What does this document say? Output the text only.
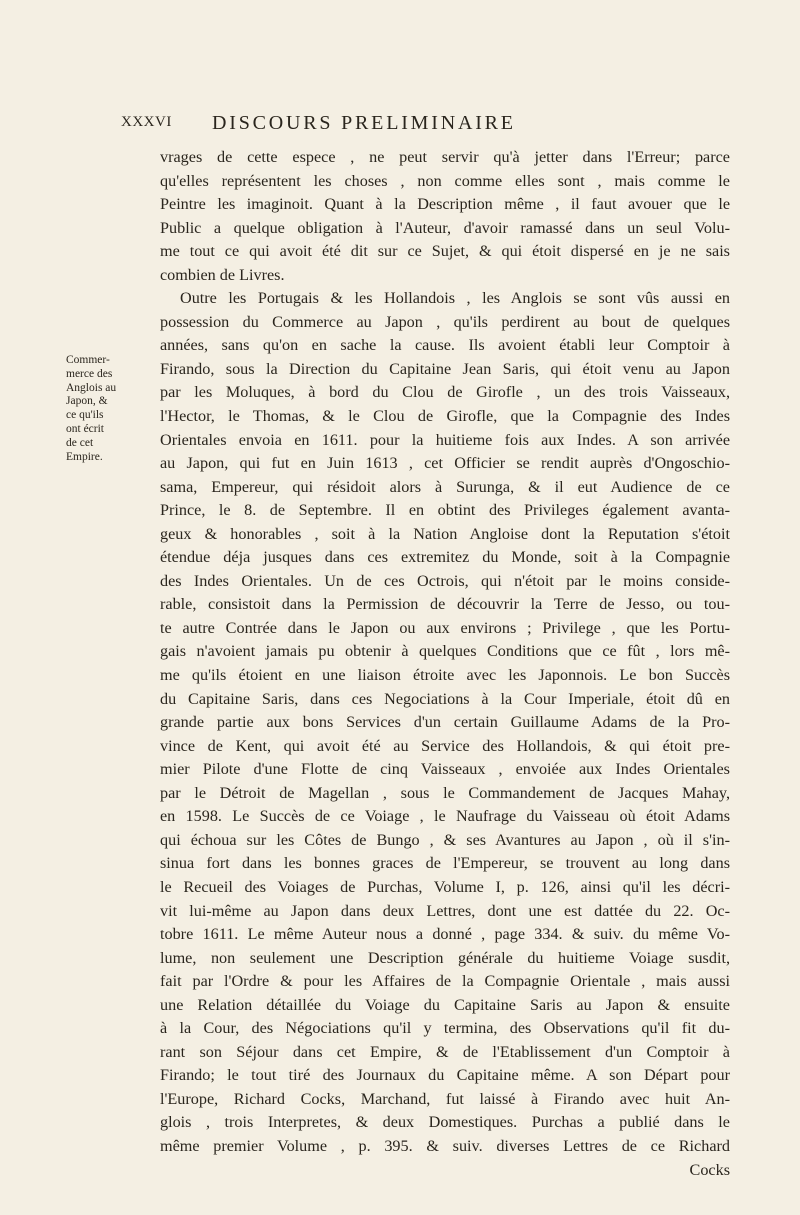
XXXVI DISCOURS PRELIMINAIRE
Commer-
merce des
Anglois au
Japon, &
ce qu'ils
ont écrit
de cet
Empire.
vrages de cette espece , ne peut servir qu'à jetter dans l'Erreur; parce
qu'elles représentent les choses , non comme elles sont , mais comme le
Peintre les imaginoit. Quant à la Description même , il faut avouer que le
Public a quelque obligation à l'Auteur, d'avoir ramassé dans un seul Volu-
me tout ce qui avoit été dit sur ce Sujet, & qui étoit dispersé en je ne sais
combien de Livres.
Outre les Portugais & les Hollandois , les Anglois se sont vûs aussi en
possession du Commerce au Japon , qu'ils perdirent au bout de quelques
années, sans qu'on en sache la cause. Ils avoient établi leur Comptoir à
Firando, sous la Direction du Capitaine Jean Saris, qui étoit venu au Japon
par les Moluques, à bord du Clou de Girofle , un des trois Vaisseaux,
l'Hector, le Thomas, & le Clou de Girofle, que la Compagnie des Indes
Orientales envoia en 1611. pour la huitieme fois aux Indes. A son arrivée
au Japon, qui fut en Juin 1613 , cet Officier se rendit auprès d'Ongoschio-
sama, Empereur, qui résidoit alors à Surunga, & il eut Audience de ce
Prince, le 8. de Septembre. Il en obtint des Privileges également avanta-
geux & honorables , soit à la Nation Angloise dont la Reputation s'étoit
étendue déja jusques dans ces extremitez du Monde, soit à la Compagnie
des Indes Orientales. Un de ces Octrois, qui n'étoit par le moins conside-
rable, consistoit dans la Permission de découvrir la Terre de Jesso, ou tou-
te autre Contrée dans le Japon ou aux environs ; Privilege , que les Portu-
gais n'avoient jamais pu obtenir à quelques Conditions que ce fût , lors mê-
me qu'ils étoient en une liaison étroite avec les Japonnois. Le bon Succès
du Capitaine Saris, dans ces Negociations à la Cour Imperiale, étoit dû en
grande partie aux bons Services d'un certain Guillaume Adams de la Pro-
vince de Kent, qui avoit été au Service des Hollandois, & qui étoit pre-
mier Pilote d'une Flotte de cinq Vaisseaux , envoiée aux Indes Orientales
par le Détroit de Magellan , sous le Commandement de Jacques Mahay,
en 1598. Le Succès de ce Voiage , le Naufrage du Vaisseau où étoit Adams
qui échoua sur les Côtes de Bungo , & ses Avantures au Japon , où il s'in-
sinua fort dans les bonnes graces de l'Empereur, se trouvent au long dans
le Recueil des Voiages de Purchas, Volume I, p. 126, ainsi qu'il les décri-
vit lui-même au Japon dans deux Lettres, dont une est dattée du 22. Oc-
tobre 1611. Le même Auteur nous a donné , page 334. & suiv. du même Vo-
lume, non seulement une Description générale du huitieme Voiage susdit,
fait par l'Ordre & pour les Affaires de la Compagnie Orientale , mais aussi
une Relation détaillée du Voiage du Capitaine Saris au Japon & ensuite
à la Cour, des Négociations qu'il y termina, des Observations qu'il fit du-
rant son Séjour dans cet Empire, & de l'Etablissement d'un Comptoir à
Firando; le tout tiré des Journaux du Capitaine même. A son Départ pour
l'Europe, Richard Cocks, Marchand, fut laissé à Firando avec huit An-
glois , trois Interpretes, & deux Domestiques. Purchas a publié dans le
même premier Volume , p. 395. & suiv. diverses Lettres de ce Richard
Cocks
